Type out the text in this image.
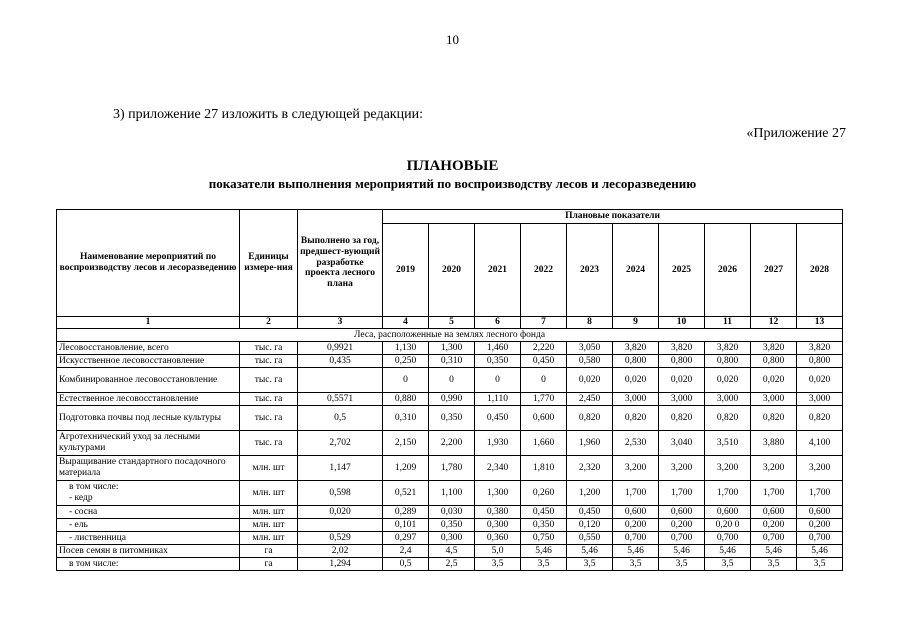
10
3) приложение 27 изложить в следующей редакции:
«Приложение 27
ПЛАНОВЫЕ
показатели выполнения мероприятий по воспроизводству лесов и лесоразведению
Наименование мероприятий по воспроизводству лесов и лесоразведению	Единицы измере-ния	Выполнено за год, предшест-вующий разработке проекта лесного плана	Плановые показатели									
			2019	2020	2021	2022	2023	2024	2025	2026	2027	2028
1	2	3	4	5	6	7	8	9	10	11	12	13
Леса, расположенные на землях лесного фонда												
Лесовосстановление, всего	тыс. га	0,9921	1,130	1,300	1,460	2,220	3,050	3,820	3,820	3,820	3,820	3,820
Искусственное лесовосстановление	тыс. га	0,435	0,250	0,310	0,350	0,450	0,580	0,800	0,800	0,800	0,800	0,800
Комбинированное лесовосстановление	тыс. га		0	0	0	0	0,020	0,020	0,020	0,020	0,020	0,020
Естественное лесовосстановление	тыс. га	0,5571	0,880	0,990	1,110	1,770	2,450	3,000	3,000	3,000	3,000	3,000
Подготовка почвы под лесные культуры	тыс. га	0,5	0,310	0,350	0,450	0,600	0,820	0,820	0,820	0,820	0,820	0,820
Агротехнический уход за лесными культурами	тыс. га	2,702	2,150	2,200	1,930	1,660	1,960	2,530	3,040	3,510	3,880	4,100
Выращивание стандартного посадочного материала	млн. шт	1,147	1,209	1,780	2,340	1,810	2,320	3,200	3,200	3,200	3,200	3,200
в том числе:
- кедр	млн. шт	0,598	0,521	1,100	1,300	0,260	1,200	1,700	1,700	1,700	1,700	1,700
- сосна	млн. шт	0,020	0,289	0,030	0,380	0,450	0,450	0,600	0,600	0,600	0,600	0,600
- ель	млн. шт		0,101	0,350	0,300	0,350	0,120	0,200	0,200	0,20 0	0,200	0,200
- лиственница	млн. шт	0,529	0,297	0,300	0,360	0,750	0,550	0,700	0,700	0,700	0,700	0,700
Посев семян в питомниках	га	2,02	2,4	4,5	5,0	5,46	5,46	5,46	5,46	5,46	5,46	5,46
в том числе:	га	1,294	0,5	2,5	3,5	3,5	3,5	3,5	3,5	3,5	3,5	3,5
